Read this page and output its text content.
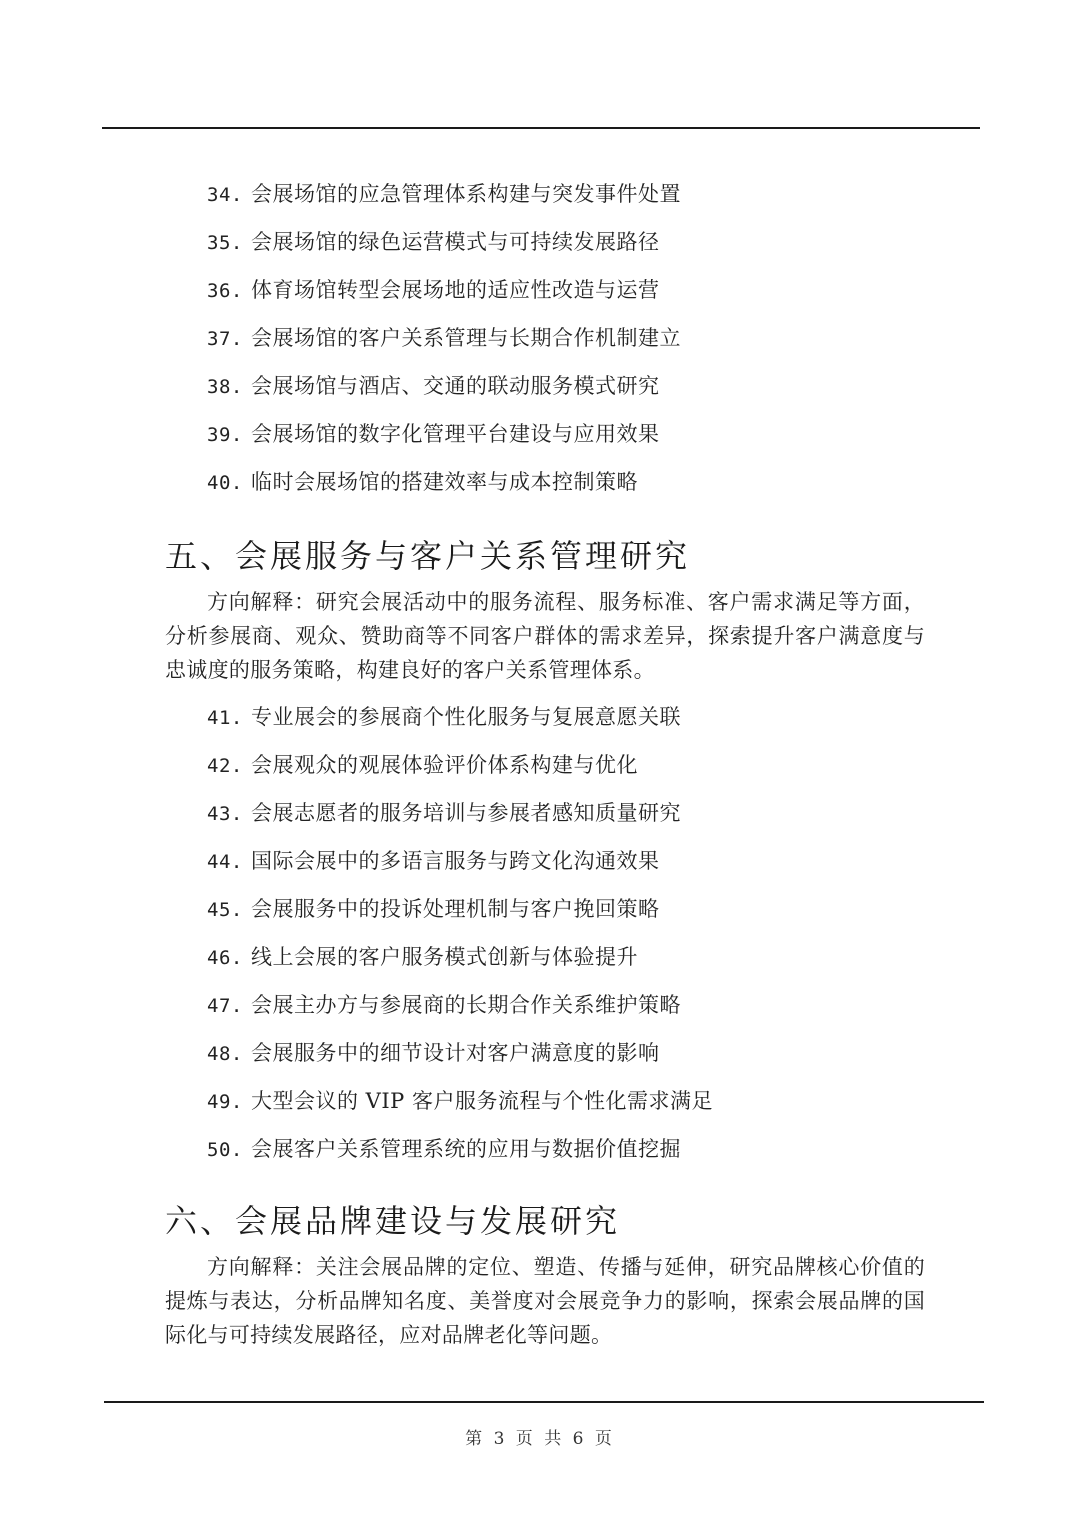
34. 会展场馆的应急管理体系构建与突发事件处置
35. 会展场馆的绿色运营模式与可持续发展路径
36. 体育场馆转型会展场地的适应性改造与运营
37. 会展场馆的客户关系管理与长期合作机制建立
38. 会展场馆与酒店、交通的联动服务模式研究
39. 会展场馆的数字化管理平台建设与应用效果
40. 临时会展场馆的搭建效率与成本控制策略
五、会展服务与客户关系管理研究

方向解释：研究会展活动中的服务流程、服务标准、客户需求满足等方面，分析参展商、观众、赞助商等不同客户群体的需求差异，探索提升客户满意度与忠诚度的服务策略，构建良好的客户关系管理体系。

41. 专业展会的参展商个性化服务与复展意愿关联
42. 会展观众的观展体验评价体系构建与优化
43. 会展志愿者的服务培训与参展者感知质量研究
44. 国际会展中的多语言服务与跨文化沟通效果
45. 会展服务中的投诉处理机制与客户挽回策略
46. 线上会展的客户服务模式创新与体验提升
47. 会展主办方与参展商的长期合作关系维护策略
48. 会展服务中的细节设计对客户满意度的影响
49. 大型会议的 VIP 客户服务流程与个性化需求满足
50. 会展客户关系管理系统的应用与数据价值挖掘
六、会展品牌建设与发展研究

方向解释：关注会展品牌的定位、塑造、传播与延伸，研究品牌核心价值的提炼与表达，分析品牌知名度、美誉度对会展竞争力的影响，探索会展品牌的国际化与可持续发展路径，应对品牌老化等问题。

第 3 页 共 6 页
